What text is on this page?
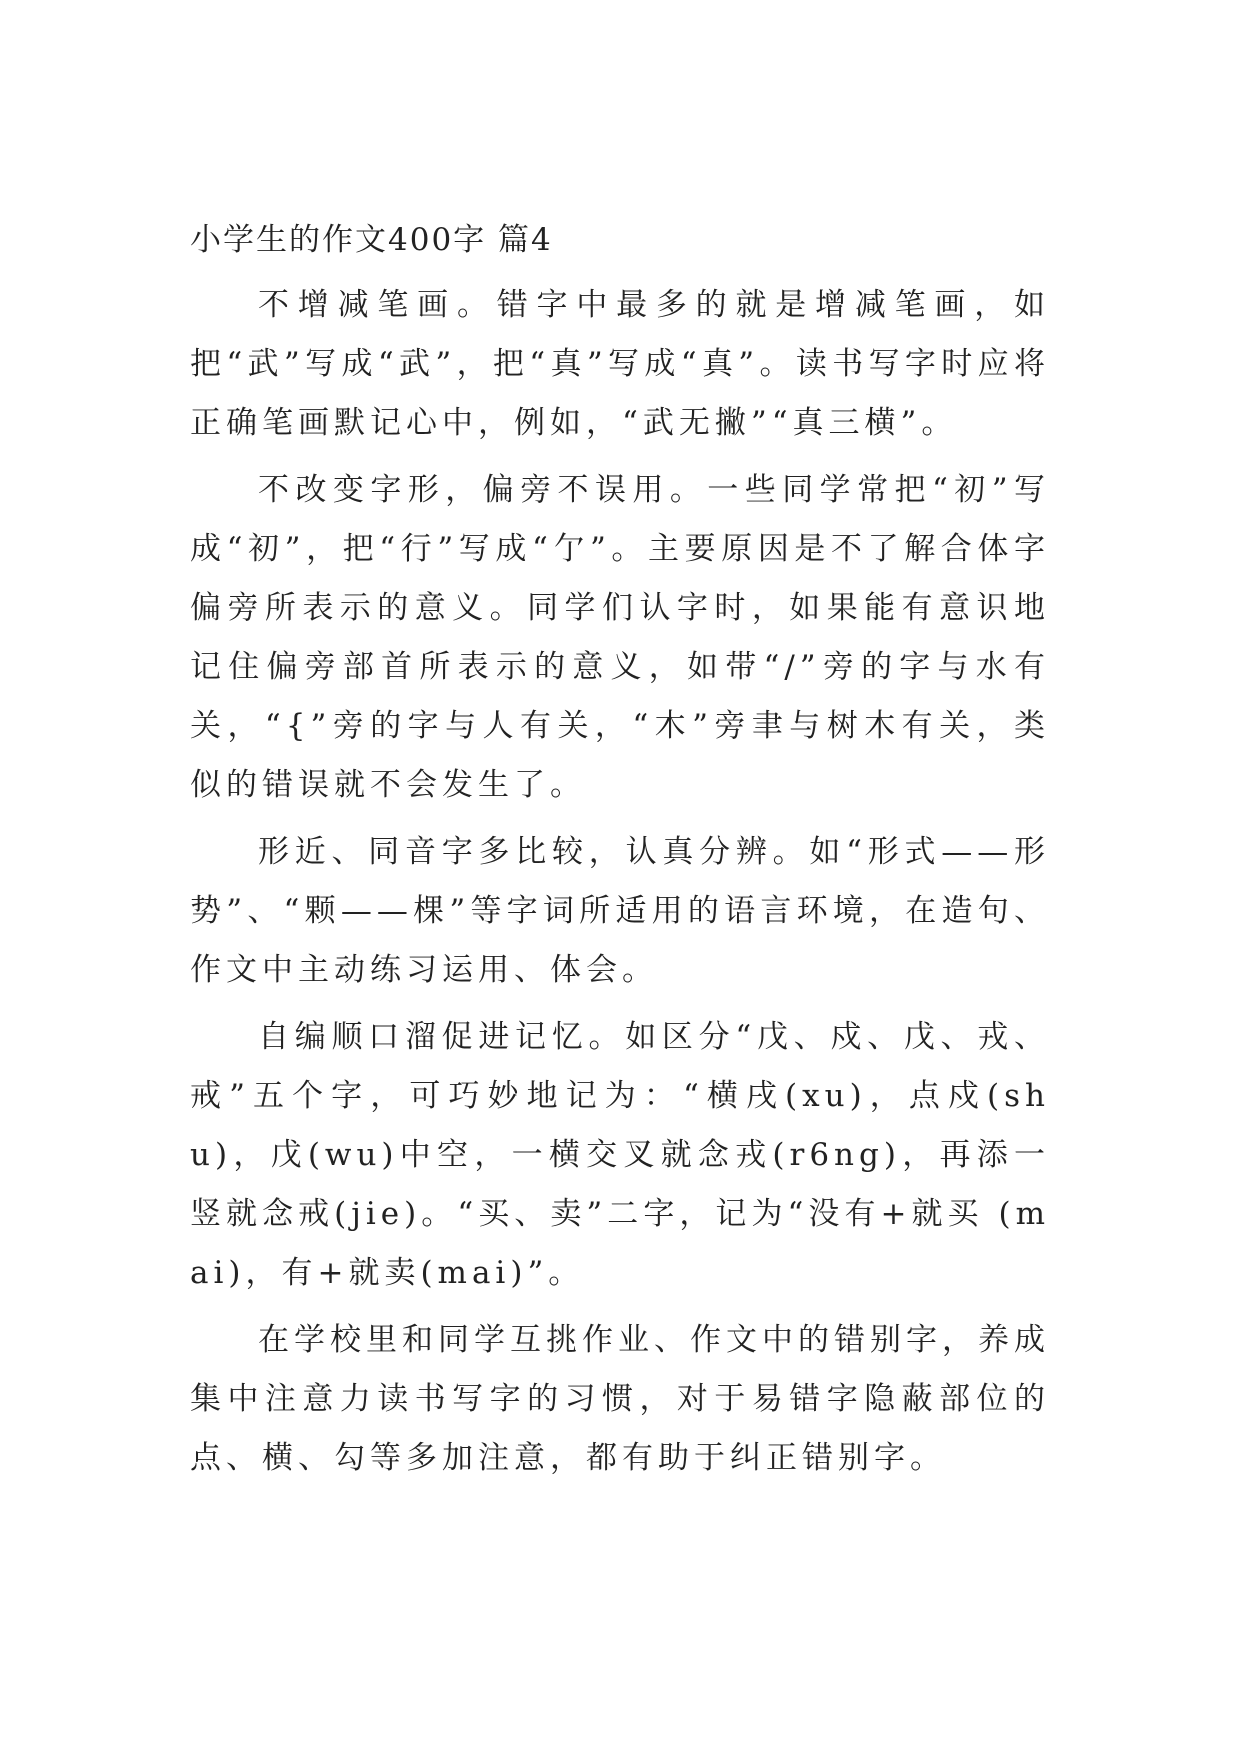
小学生的作文400字 篇4

不增减笔画。错字中最多的就是增减笔画，如把“武”写成“武”，把“真”写成“真”。读书写字时应将正确笔画默记心中，例如，“武无撇”“真三横”。

不改变字形，偏旁不误用。一些同学常把“初”写成“初”，把“行”写成“亇”。主要原因是不了解合体字偏旁所表示的意义。同学们认字时，如果能有意识地记住偏旁部首所表示的意义，如带“/”旁的字与水有关，“{”旁的字与人有关，“木”旁聿与树木有关，类似的错误就不会发生了。

形近、同音字多比较，认真分辨。如“形式——形势”、“颗——棵”等字词所适用的语言环境，在造句、作文中主动练习运用、体会。

自编顺口溜促进记忆。如区分“戊、戍、戊、戎、戒”五个字，可巧妙地记为：“横戌(xu)，点戍(shu)，戊(wu)中空，一横交叉就念戎(r6ng)，再添一竖就念戒(jie)。“买、卖”二字，记为“没有+就买 (mai)，有+就卖(mai)”。

在学校里和同学互挑作业、作文中的错别字，养成集中注意力读书写字的习惯，对于易错字隐蔽部位的点、横、勾等多加注意，都有助于纠正错别字。
